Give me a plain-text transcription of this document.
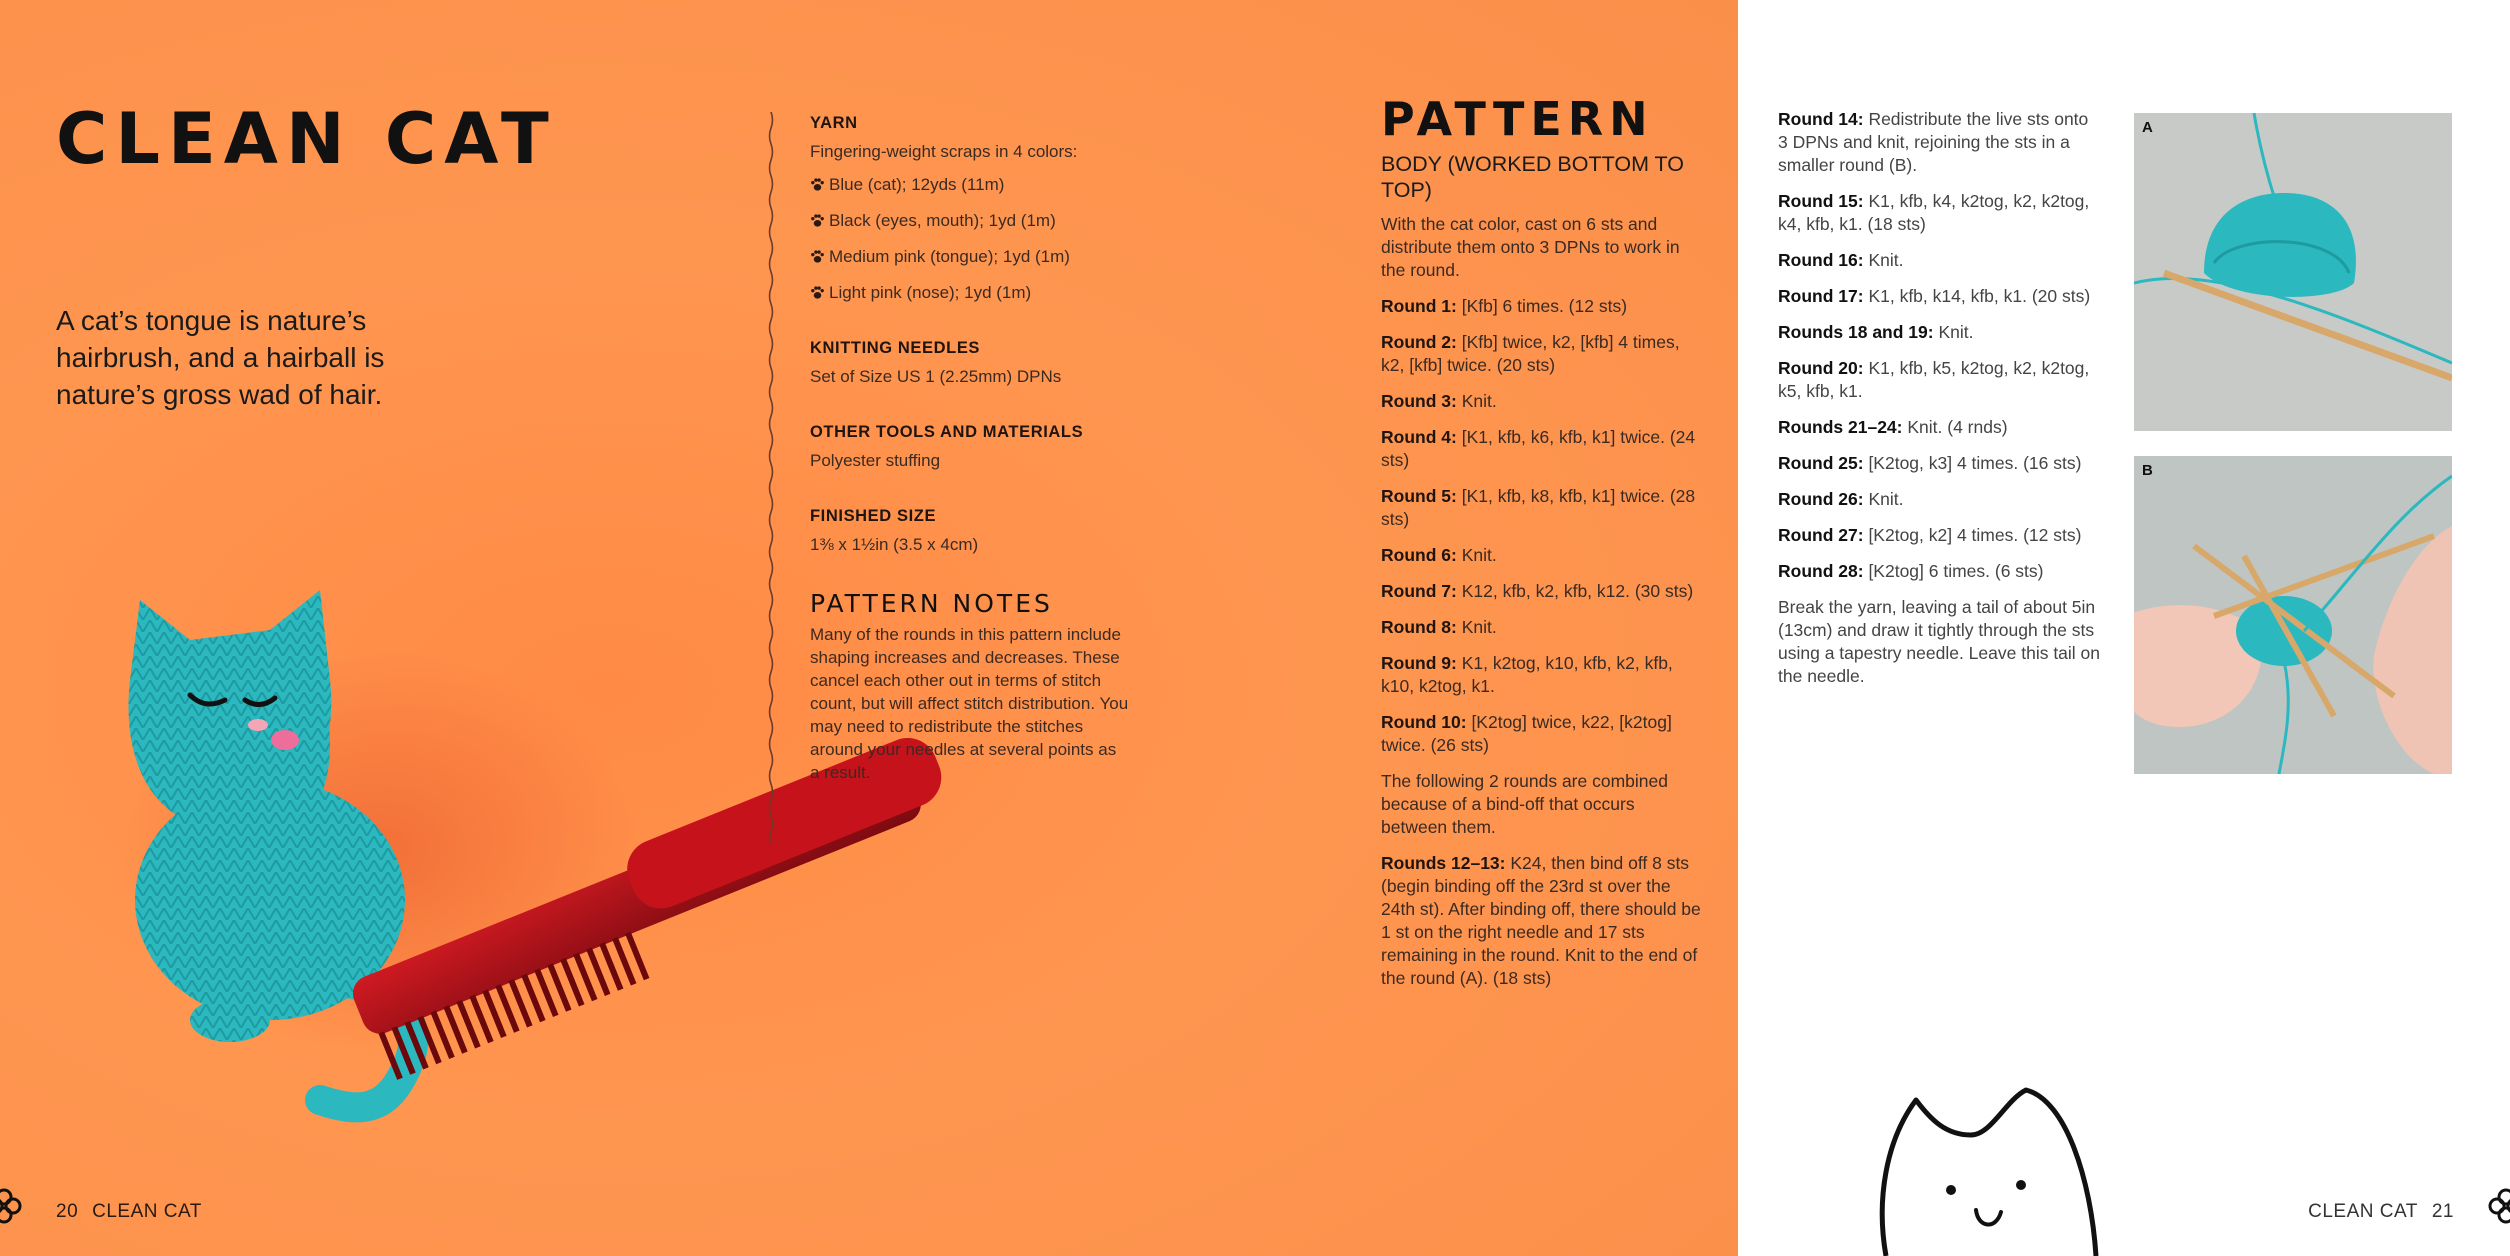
CLEAN CAT

A cat’s tongue is nature’s hairbrush, and a hairball is nature’s gross wad of hair.

YARN

Fingering-weight scraps in 4 colors:

Blue (cat); 12yds (11m)
Black (eyes, mouth); 1yd (1m)
Medium pink (tongue); 1yd (1m)
Light pink (nose); 1yd (1m)
KNITTING NEEDLES

Set of Size US 1 (2.25mm) DPNs

OTHER TOOLS AND MATERIALS

Polyester stuffing

FINISHED SIZE

1⅜ x 1½in (3.5 x 4cm)

PATTERN NOTES

Many of the rounds in this pattern include shaping increases and decreases. These cancel each other out in terms of stitch count, but will affect stitch distribution. You may need to redistribute the stitches around your needles at several points as a result.

PATTERN
BODY (WORKED BOTTOM TO TOP)

With the cat color, cast on 6 sts and distribute them onto 3 DPNs to work in the round.

Round 1: [Kfb] 6 times. (12 sts)

Round 2: [Kfb] twice, k2, [kfb] 4 times, k2, [kfb] twice. (20 sts)

Round 3: Knit.

Round 4: [K1, kfb, k6, kfb, k1] twice. (24 sts)

Round 5: [K1, kfb, k8, kfb, k1] twice. (28 sts)

Round 6: Knit.

Round 7: K12, kfb, k2, kfb, k12. (30 sts)

Round 8: Knit.

Round 9: K1, k2tog, k10, kfb, k2, kfb, k10, k2tog, k1.

Round 10: [K2tog] twice, k22, [k2tog] twice. (26 sts)

The following 2 rounds are combined because of a bind-off that occurs between them.

Rounds 12–13: K24, then bind off 8 sts (begin binding off the 23rd st over the 24th st). After binding off, there should be 1 st on the right needle and 17 sts remaining in the round. Knit to the end of the round (A). (18 sts)

20 CLEAN CAT

Round 14: Redistribute the live sts onto 3 DPNs and knit, rejoining the sts in a smaller round (B).

Round 15: K1, kfb, k4, k2tog, k2, k2tog, k4, kfb, k1. (18 sts)

Round 16: Knit.

Round 17: K1, kfb, k14, kfb, k1. (20 sts)

Rounds 18 and 19: Knit.

Round 20: K1, kfb, k5, k2tog, k2, k2tog, k5, kfb, k1.

Rounds 21–24: Knit. (4 rnds)

Round 25: [K2tog, k3] 4 times. (16 sts)

Round 26: Knit.

Round 27: [K2tog, k2] 4 times. (12 sts)

Round 28: [K2tog] 6 times. (6 sts)

Break the yarn, leaving a tail of about 5in (13cm) and draw it tightly through the sts using a tapestry needle. Leave this tail on the needle.

A
B
CLEAN CAT 21
